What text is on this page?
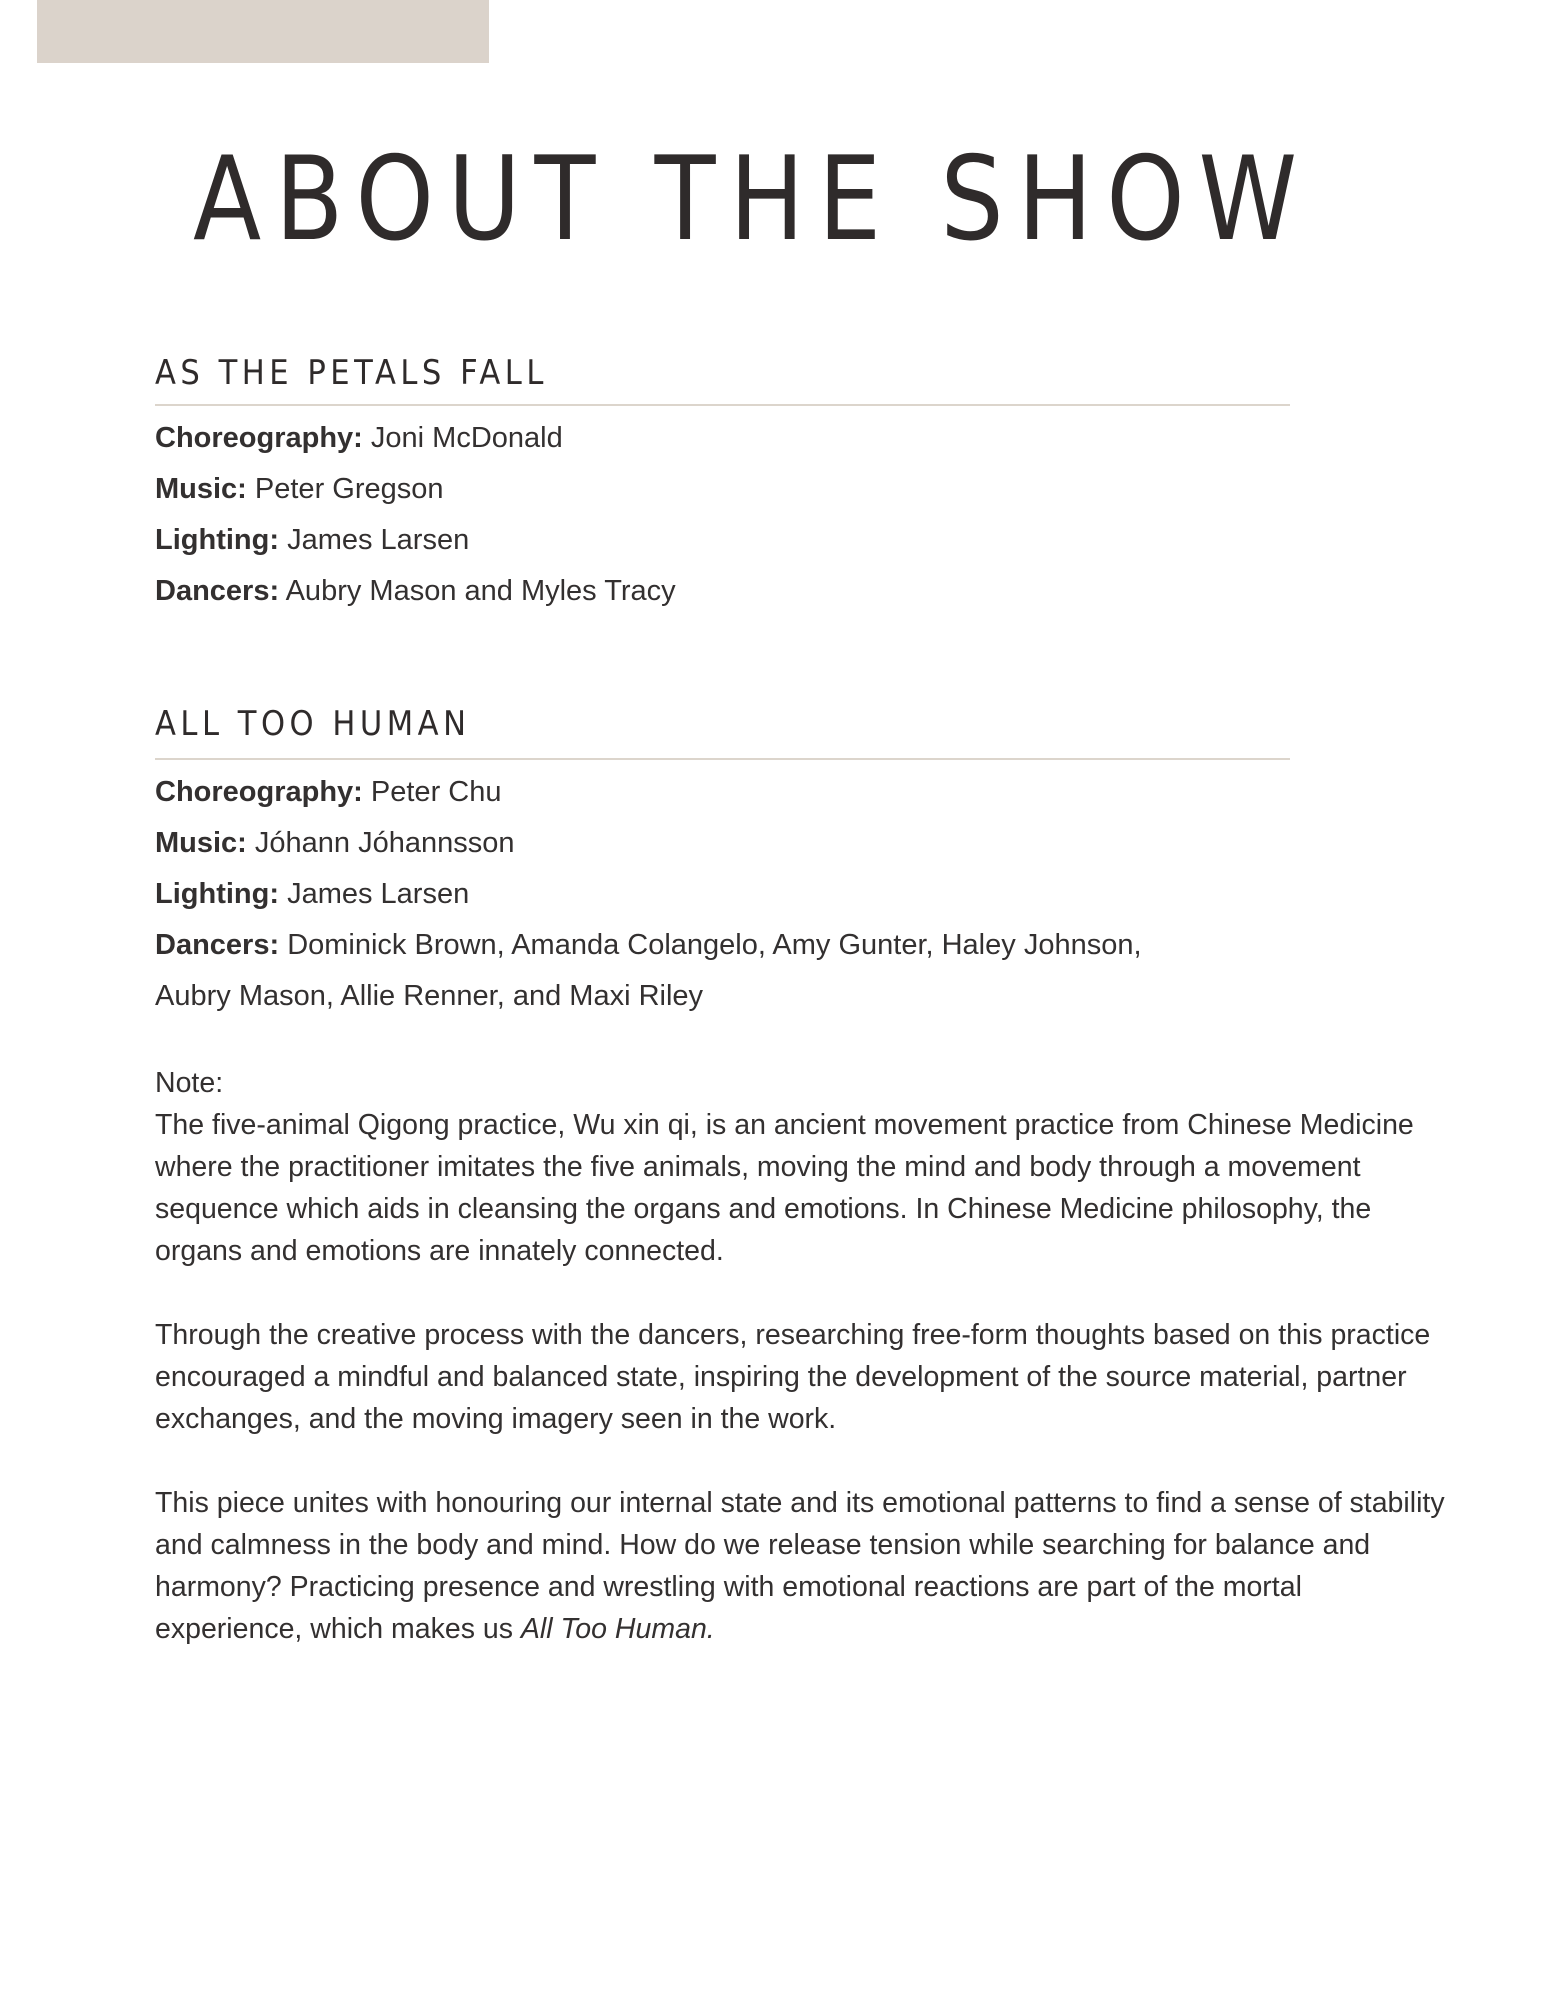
ABOUT THE SHOW
AS THE PETALS FALL
Choreography: Joni McDonald
Music: Peter Gregson
Lighting: James Larsen
Dancers: Aubry Mason and Myles Tracy
ALL TOO HUMAN
Choreography: Peter Chu
Music: Jóhann Jóhannsson
Lighting: James Larsen
Dancers: Dominick Brown, Amanda Colangelo, Amy Gunter, Haley Johnson,
Aubry Mason, Allie Renner, and Maxi Riley

Note:

The five-animal Qigong practice, Wu xin qi, is an ancient movement practice from Chinese Medicine where the practitioner imitates the five animals, moving the mind and body through a movement sequence which aids in cleansing the organs and emotions. In Chinese Medicine philosophy, the organs and emotions are innately connected.

Through the creative process with the dancers, researching free-form thoughts based on this practice encouraged a mindful and balanced state, inspiring the development of the source material, partner exchanges, and the moving imagery seen in the work.

This piece unites with honouring our internal state and its emotional patterns to find a sense of stability and calmness in the body and mind. How do we release tension while searching for balance and harmony? Practicing presence and wrestling with emotional reactions are part of the mortal experience, which makes us All Too Human.
